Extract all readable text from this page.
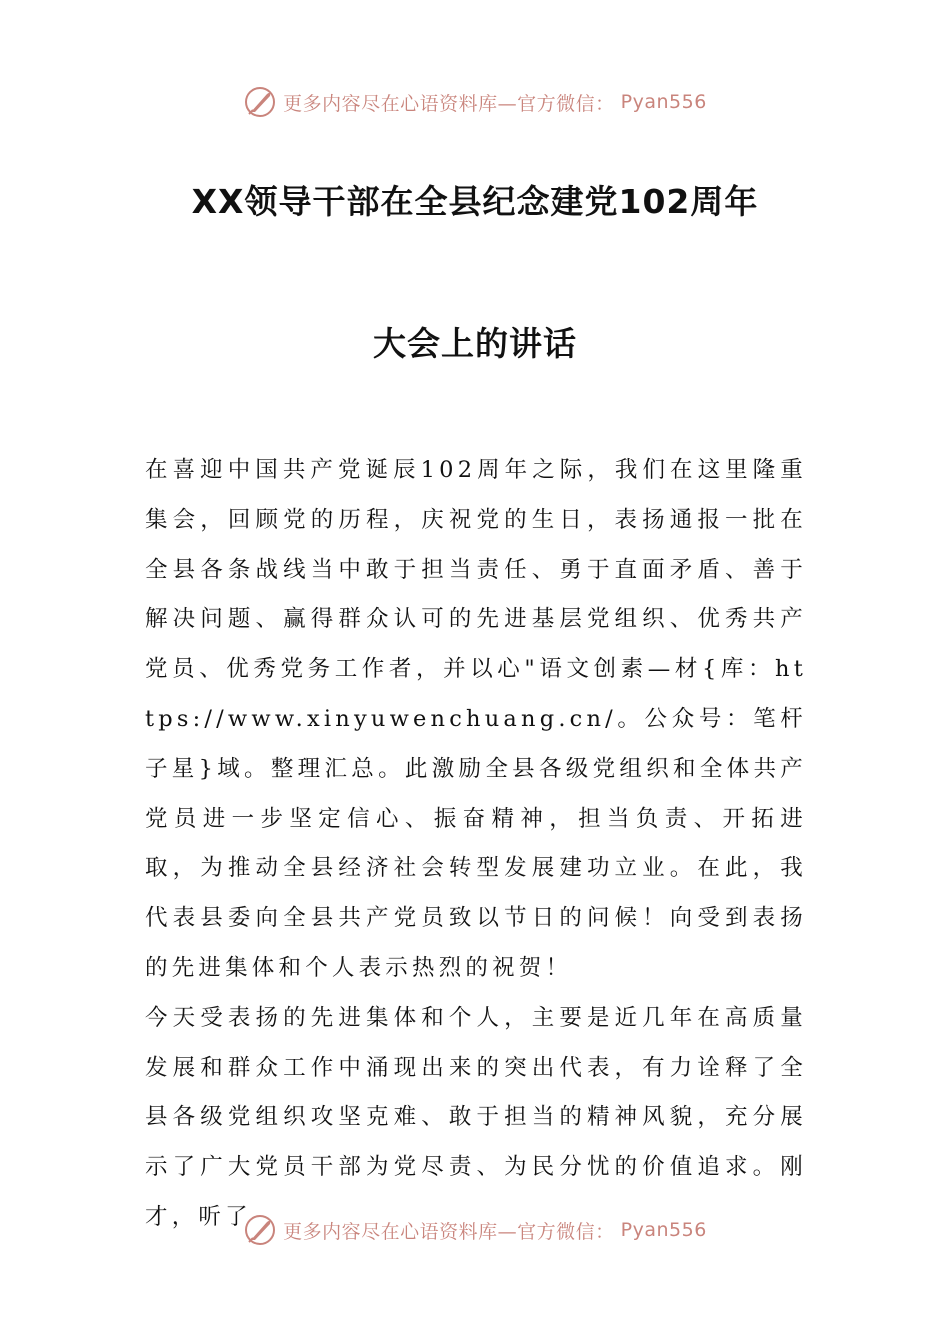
更多内容尽在心语资料库—官方微信： Pyan556
XX领导干部在全县纪念建党102周年
大会上的讲话

在喜迎中国共产党诞辰102周年之际，我们在这里隆重集会，回顾党的历程，庆祝党的生日，表扬通报一批在全县各条战线当中敢于担当责任、勇于直面矛盾、善于解决问题、赢得群众认可的先进基层党组织、优秀共产党员、优秀党务工作者，并以心"语文创素—材{库：https://www.xinyuwenchuang.cn/。公众号：笔杆子星}域。整理汇总。此激励全县各级党组织和全体共产党员进一步坚定信心、振奋精神，担当负责、开拓进取，为推动全县经济社会转型发展建功立业。在此，我代表县委向全县共产党员致以节日的问候！向受到表扬的先进集体和个人表示热烈的祝贺！

今天受表扬的先进集体和个人，主要是近几年在高质量发展和群众工作中涌现出来的突出代表，有力诠释了全县各级党组织攻坚克难、敢于担当的精神风貌，充分展示了广大党员干部为党尽责、为民分忧的价值追求。刚才，听了

更多内容尽在心语资料库—官方微信： Pyan556
